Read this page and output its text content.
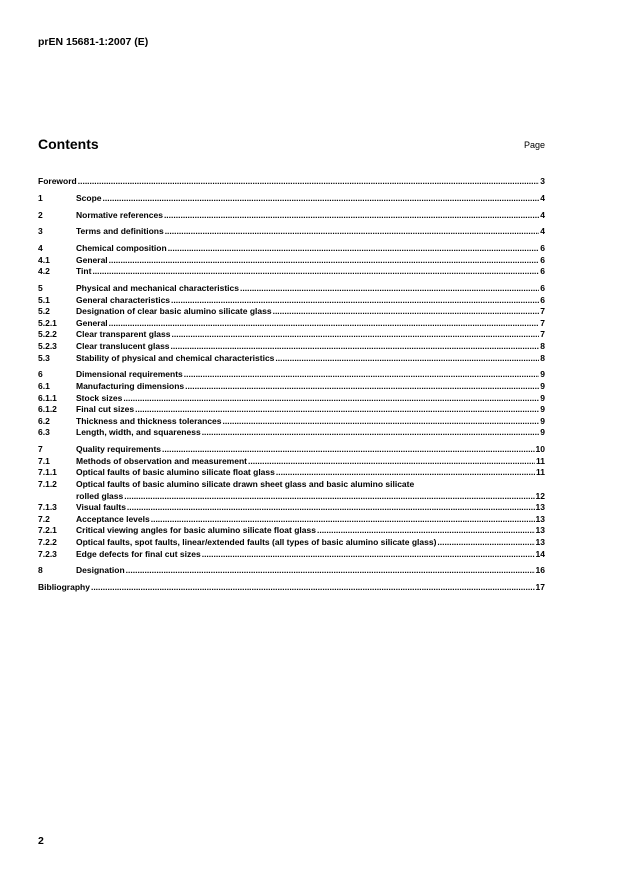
prEN 15681-1:2007 (E)
Contents	Page
Foreword .....	3
1	Scope .....	4
2	Normative references .....	4
3	Terms and definitions .....	4
4	Chemical composition .....	6
4.1	General .....	6
4.2	Tint .....	6
5	Physical and mechanical characteristics .....	6
5.1	General characteristics .....	6
5.2	Designation of clear basic alumino silicate glass .....	7
5.2.1	General .....	7
5.2.2	Clear transparent glass .....	7
5.2.3	Clear translucent glass .....	8
5.3	Stability of physical and chemical characteristics .....	8
6	Dimensional requirements .....	9
6.1	Manufacturing dimensions .....	9
6.1.1	Stock sizes .....	9
6.1.2	Final cut sizes .....	9
6.2	Thickness and thickness tolerances .....	9
6.3	Length, width, and squareness .....	9
7	Quality requirements .....	10
7.1	Methods of observation and measurement .....	11
7.1.1	Optical faults of basic alumino silicate float glass .....	11
7.1.2	Optical faults of basic alumino silicate drawn sheet glass and basic alumino silicate
rolled glass .....	12
7.1.3	Visual faults .....	13
7.2	Acceptance levels .....	13
7.2.1	Critical viewing angles for basic alumino silicate float glass .....	13
7.2.2	Optical faults, spot faults, linear/extended faults (all types of basic alumino silicate glass) .....	13
7.2.3	Edge defects for final cut sizes .....	14
8	Designation .....	16
Bibliography .....	17
2
